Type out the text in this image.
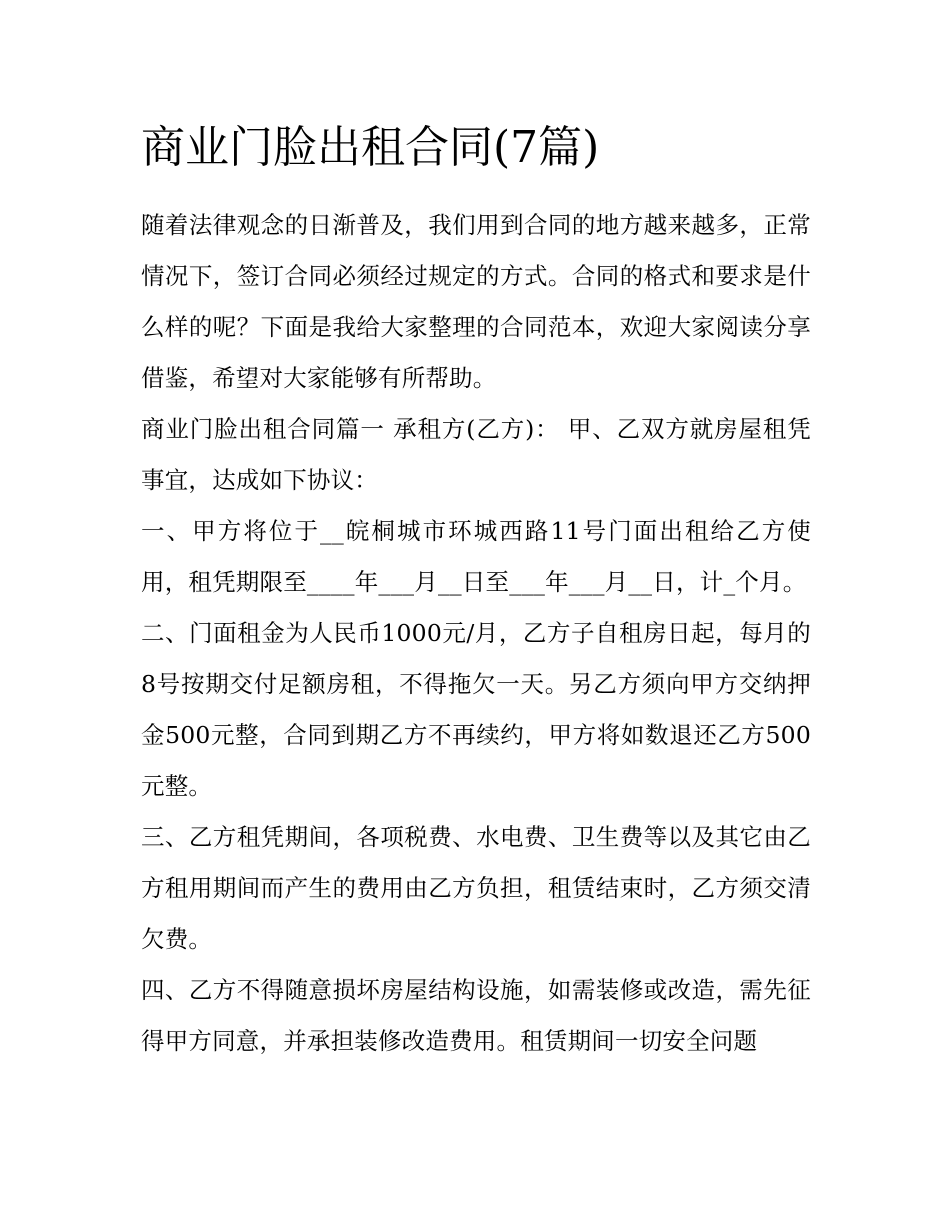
商业门脸出租合同(7篇)

随着法律观念的日渐普及，我们用到合同的地方越来越多，正常情况下，签订合同必须经过规定的方式。合同的格式和要求是什么样的呢？下面是我给大家整理的合同范本，欢迎大家阅读分享借鉴，希望对大家能够有所帮助。

商业门脸出租合同篇一 承租方(乙方)： 甲、乙双方就房屋租凭事宜，达成如下协议：

一、甲方将位于__皖桐城市环城西路11号门面出租给乙方使用，租凭期限至____年___月__日至___年___月__日，计_个月。

二、门面租金为人民币1000元/月，乙方子自租房日起，每月的8号按期交付足额房租，不得拖欠一天。另乙方须向甲方交纳押金500元整，合同到期乙方不再续约，甲方将如数退还乙方500元整。

三、乙方租凭期间，各项税费、水电费、卫生费等以及其它由乙方租用期间而产生的费用由乙方负担，租赁结束时，乙方须交清欠费。

四、乙方不得随意损坏房屋结构设施，如需装修或改造，需先征得甲方同意，并承担装修改造费用。租赁期间一切安全问题
